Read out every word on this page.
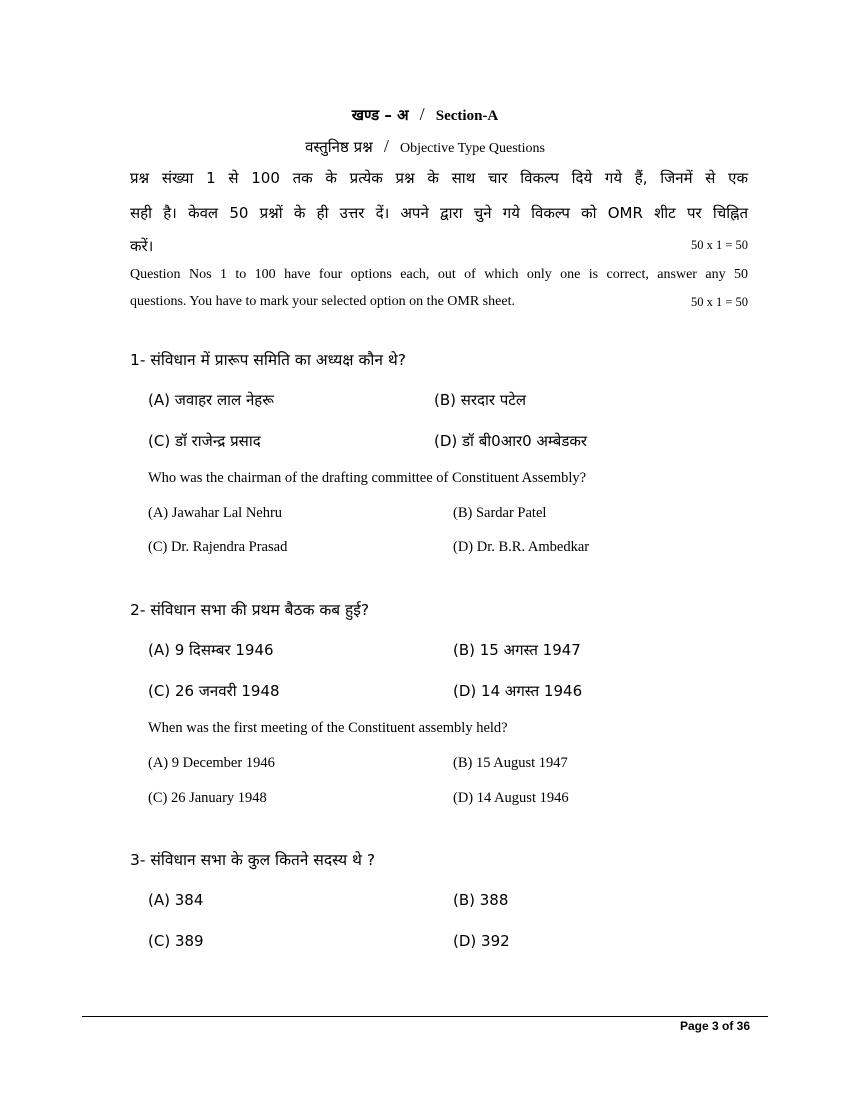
खण्ड – अ / Section-A
वस्तुनिष्ठ प्रश्न / Objective Type Questions
प्रश्न संख्या 1 से 100 तक के प्रत्येक प्रश्न के साथ चार विकल्प दिये गये हैं, जिनमें से एक
सही है। केवल 50 प्रश्नों के ही उत्तर दें। अपने द्वारा चुने गये विकल्प को OMR शीट पर चिह्नित
करें।	50 x 1 = 50
Question Nos 1 to 100 have four options each, out of which only one is correct, answer any 50
questions. You have to mark your selected option on the OMR sheet.	50 x 1 = 50
1- संविधान में प्रारूप समिति का अध्यक्ष कौन थे?
(A) जवाहर लाल नेहरू	(B) सरदार पटेल
(C) डॉ राजेन्द्र प्रसाद	(D) डॉ बी0आर0 अम्बेडकर
Who was the chairman of the drafting committee of Constituent Assembly?
(A) Jawahar Lal Nehru	(B) Sardar Patel
(C) Dr. Rajendra Prasad	(D) Dr. B.R. Ambedkar
2- संविधान सभा की प्रथम बैठक कब हुई?
(A) 9 दिसम्बर 1946	(B) 15 अगस्त 1947
(C) 26 जनवरी 1948	(D) 14 अगस्त 1946
When was the first meeting of the Constituent assembly held?
(A) 9 December 1946	(B) 15 August 1947
(C) 26 January 1948	(D) 14 August 1946
3- संविधान सभा के कुल कितने सदस्य थे ?
(A) 384	(B) 388
(C) 389	(D) 392
Page 3 of 36
